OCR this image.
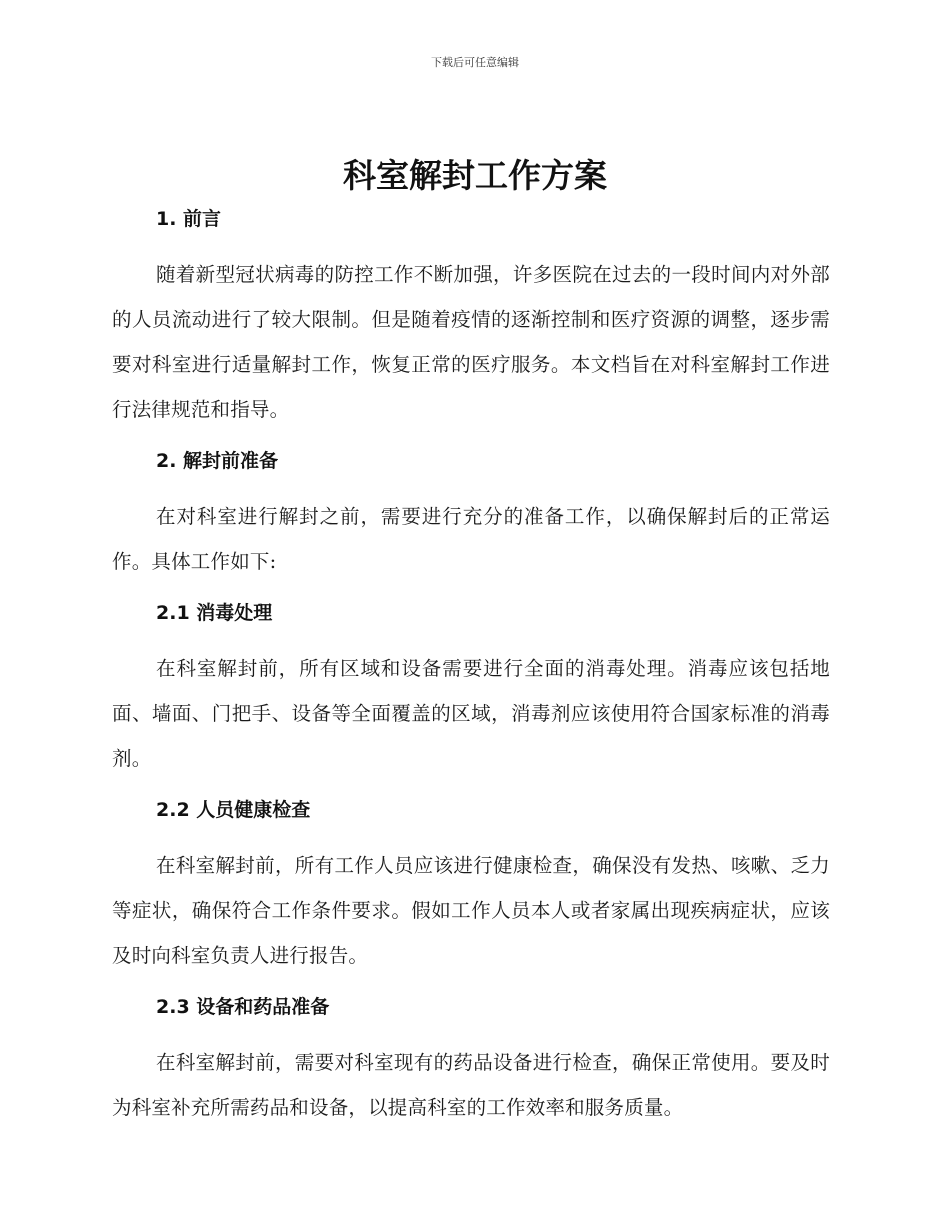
下载后可任意编辑
科室解封工作方案
1. 前言

随着新型冠状病毒的防控工作不断加强，许多医院在过去的一段时间内对外部的人员流动进行了较大限制。但是随着疫情的逐渐控制和医疗资源的调整，逐步需要对科室进行适量解封工作，恢复正常的医疗服务。本文档旨在对科室解封工作进行法律规范和指导。

2. 解封前准备

在对科室进行解封之前，需要进行充分的准备工作，以确保解封后的正常运作。具体工作如下:

2.1 消毒处理

在科室解封前，所有区域和设备需要进行全面的消毒处理。消毒应该包括地面、墙面、门把手、设备等全面覆盖的区域，消毒剂应该使用符合国家标准的消毒剂。

2.2 人员健康检查

在科室解封前，所有工作人员应该进行健康检查，确保没有发热、咳嗽、乏力等症状，确保符合工作条件要求。假如工作人员本人或者家属出现疾病症状，应该及时向科室负责人进行报告。

2.3 设备和药品准备

在科室解封前，需要对科室现有的药品设备进行检查，确保正常使用。要及时为科室补充所需药品和设备，以提高科室的工作效率和服务质量。
